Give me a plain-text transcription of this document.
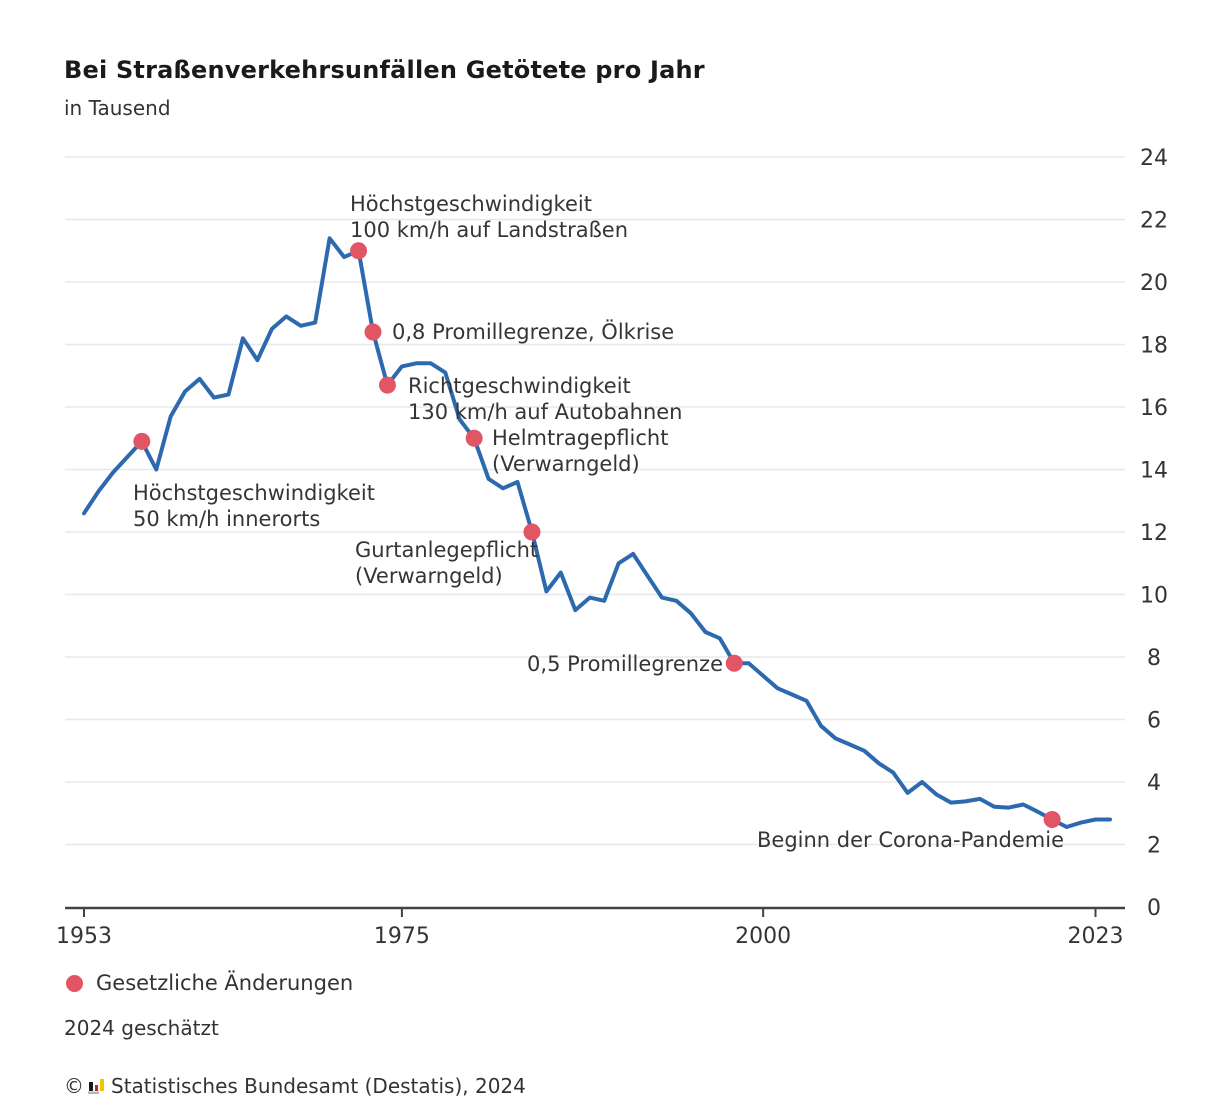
Bei Straßenverkehrsunfällen Getötete pro Jahr
in Tausend
0
2
4
6
8
10
12
14
16
18
20
22
24
1953	1975	2000	2023
Höchstgeschwindigkeit
50 km/h innerorts
Höchstgeschwindigkeit
100 km/h auf Landstraßen
0,8 Promillegrenze, Ölkrise
Richtgeschwindigkeit
130 km/h auf Autobahnen
Helmtragepflicht
(Verwarngeld)
Gurtanlegepflicht
(Verwarngeld)
0,5 Promillegrenze
Beginn der Corona-Pandemie
Gesetzliche Änderungen
2024 geschätzt
© Statistisches Bundesamt (Destatis), 2024
